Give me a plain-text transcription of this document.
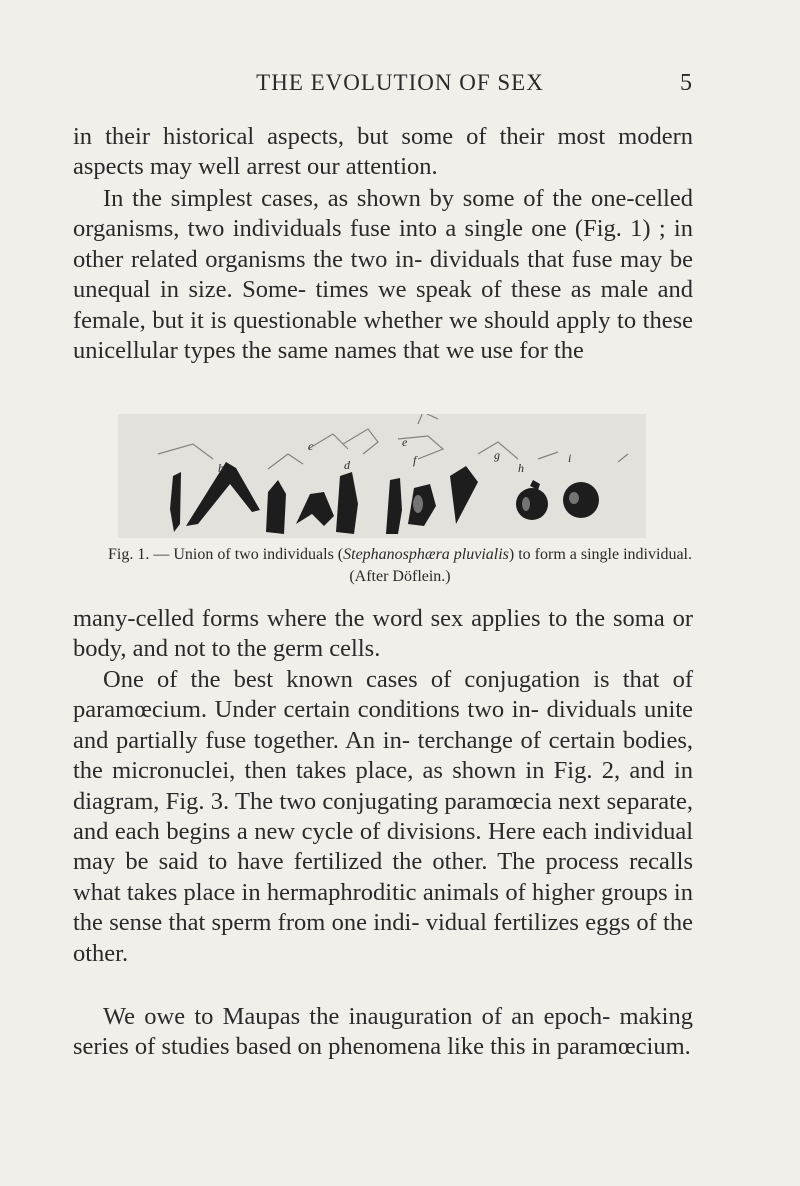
THE EVOLUTION OF SEX	5

in their historical aspects, but some of their most modern aspects may well arrest our attention.

In the simplest cases, as shown by some of the one-celled organisms, two individuals fuse into a single one (Fig. 1) ; in other related organisms the two in- dividuals that fuse may be unequal in size. Some- times we speak of these as male and female, but it is questionable whether we should apply to these unicellular types the same names that we use for the

b
c
d
e
f	g
h
i

Fig. 1. — Union of two individuals (Stephanosphæra pluvialis) to form a single individual. (After Döflein.)

many-celled forms where the word sex applies to the soma or body, and not to the germ cells.

One of the best known cases of conjugation is that of paramœcium. Under certain conditions two in- dividuals unite and partially fuse together. An in- terchange of certain bodies, the micronuclei, then takes place, as shown in Fig. 2, and in diagram, Fig. 3. The two conjugating paramœcia next separate, and each begins a new cycle of divisions. Here each individual may be said to have fertilized the other. The process recalls what takes place in hermaphroditic animals of higher groups in the sense that sperm from one indi- vidual fertilizes eggs of the other.

We owe to Maupas the inauguration of an epoch- making series of studies based on phenomena like this in paramœcium.
